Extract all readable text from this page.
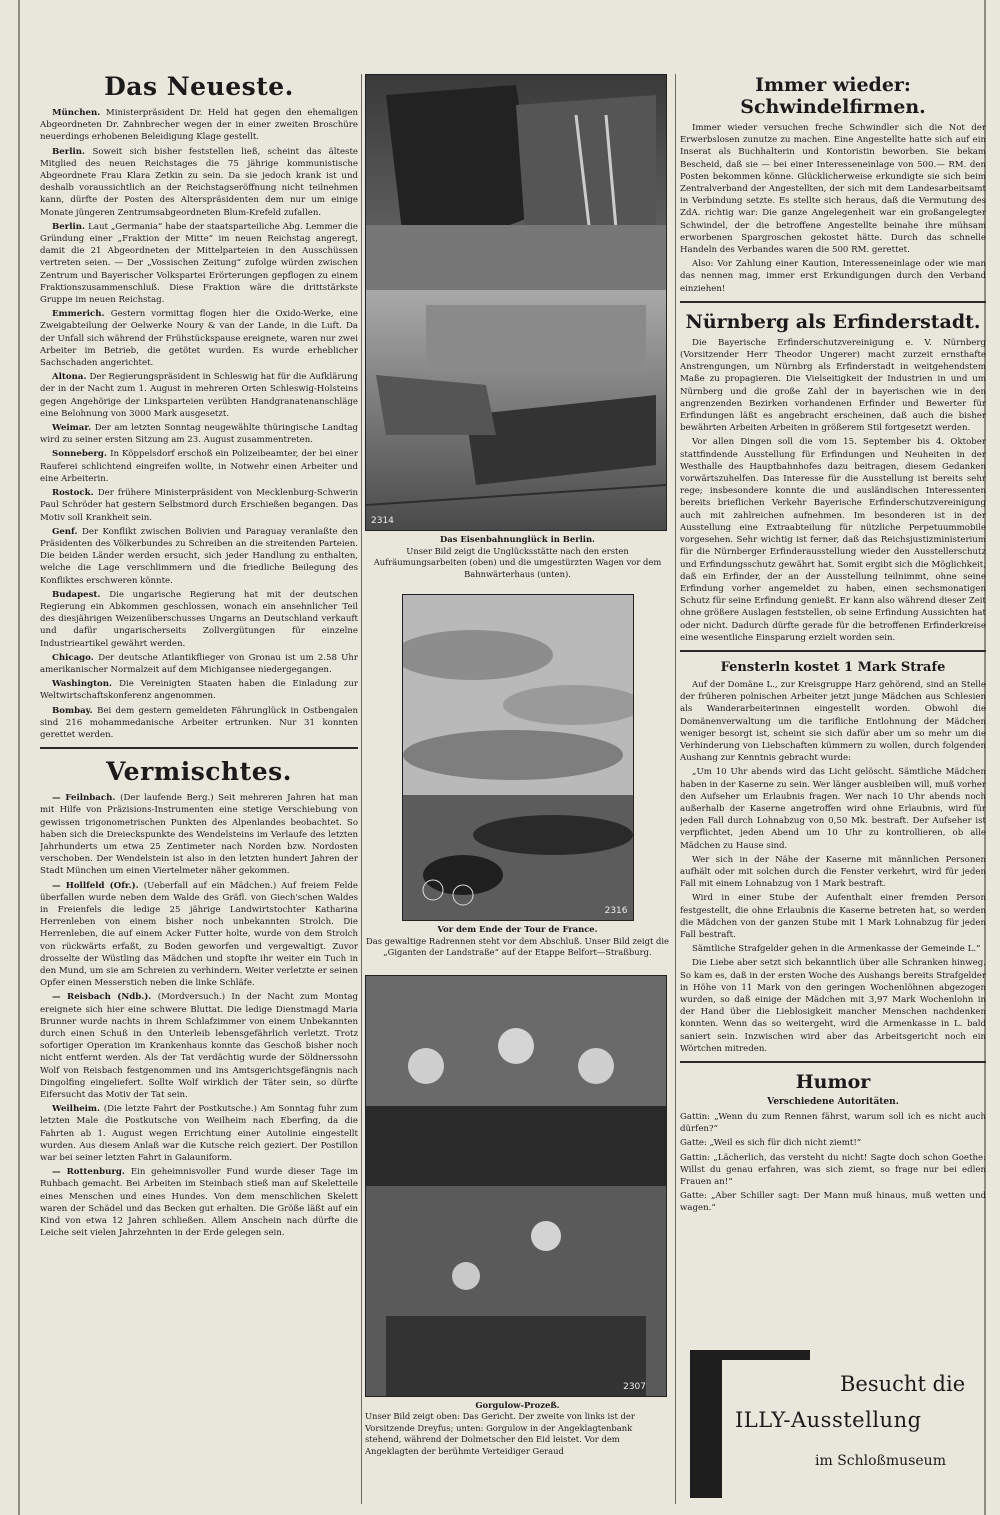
Das Neueste.

München. Ministerpräsident Dr. Held hat gegen den ehemaligen Abgeordneten Dr. Zahnbrecher wegen der in einer zweiten Broschüre neuerdings erhobenen Beleidigung Klage gestellt.

Berlin. Soweit sich bisher feststellen ließ, scheint das älteste Mitglied des neuen Reichstages die 75 jährige kommunistische Abgeordnete Frau Klara Zetkin zu sein. Da sie jedoch krank ist und deshalb voraussichtlich an der Reichstagseröffnung nicht teilnehmen kann, dürfte der Posten des Alterspräsidenten dem nur um einige Monate jüngeren Zentrumsabgeordneten Blum-Krefeld zufallen.

Berlin. Laut „Germania“ habe der staatsparteiliche Abg. Lemmer die Gründung einer „Fraktion der Mitte“ im neuen Reichstag angeregt, damit die 21 Abgeordneten der Mittelparteien in den Ausschüssen vertreten seien. — Der „Vossischen Zeitung“ zufolge würden zwischen Zentrum und Bayerischer Volkspartei Erörterungen gepflogen zu einem Fraktionszusammenschluß. Diese Fraktion wäre die drittstärkste Gruppe im neuen Reichstag.

Emmerich. Gestern vormittag flogen hier die Oxido-Werke, eine Zweigabteilung der Oelwerke Noury & van der Lande, in die Luft. Da der Unfall sich während der Frühstückspause ereignete, waren nur zwei Arbeiter im Betrieb, die getötet wurden. Es wurde erheblicher Sachschaden angerichtet.

Altona. Der Regierungspräsident in Schleswig hat für die Aufklärung der in der Nacht zum 1. August in mehreren Orten Schleswig-Holsteins gegen Angehörige der Linksparteien verübten Handgranatenanschläge eine Belohnung von 3000 Mark ausgesetzt.

Weimar. Der am letzten Sonntag neugewählte thüringische Landtag wird zu seiner ersten Sitzung am 23. August zusammentreten.

Sonneberg. In Köppelsdorf erschoß ein Polizeibeamter, der bei einer Rauferei schlichtend eingreifen wollte, in Notwehr einen Arbeiter und eine Arbeiterin.

Rostock. Der frühere Ministerpräsident von Mecklenburg-Schwerin Paul Schröder hat gestern Selbstmord durch Erschießen begangen. Das Motiv soll Krankheit sein.

Genf. Der Konflikt zwischen Bolivien und Paraguay veranlaßte den Präsidenten des Völkerbundes zu Schreiben an die streitenden Parteien. Die beiden Länder werden ersucht, sich jeder Handlung zu enthalten, welche die Lage verschlimmern und die friedliche Beilegung des Konfliktes erschweren könnte.

Budapest. Die ungarische Regierung hat mit der deutschen Regierung ein Abkommen geschlossen, wonach ein ansehnlicher Teil des diesjährigen Weizenüberschusses Ungarns an Deutschland verkauft und dafür ungarischerseits Zollvergütungen für einzelne Industrieartikel gewährt werden.

Chicago. Der deutsche Atlantikflieger von Gronau ist um 2.58 Uhr amerikanischer Normalzeit auf dem Michigansee niedergegangen.

Washington. Die Vereinigten Staaten haben die Einladung zur Weltwirtschaftskonferenz angenommen.

Bombay. Bei dem gestern gemeldeten Fährunglück in Ostbengalen sind 216 mohammedanische Arbeiter ertrunken. Nur 31 konnten gerettet werden.

Vermischtes.

— Feilnbach. (Der laufende Berg.) Seit mehreren Jahren hat man mit Hilfe von Präzisions-Instrumenten eine stetige Verschiebung von gewissen trigonometrischen Punkten des Alpenlandes beobachtet. So haben sich die Dreieckspunkte des Wendelsteins im Verlaufe des letzten Jahrhunderts um etwa 25 Zentimeter nach Norden bzw. Nordosten verschoben. Der Wendelstein ist also in den letzten hundert Jahren der Stadt München um einen Viertelmeter näher gekommen.

— Hollfeld (Ofr.). (Ueberfall auf ein Mädchen.) Auf freiem Felde überfallen wurde neben dem Walde des Gräfl. von Giech'schen Waldes in Freienfels die ledige 25 jährige Landwirtstochter Katharina Herrenleben von einem bisher noch unbekannten Strolch. Die Herrenleben, die auf einem Acker Futter holte, wurde von dem Strolch von rückwärts erfaßt, zu Boden geworfen und vergewaltigt. Zuvor drosselte der Wüstling das Mädchen und stopfte ihr weiter ein Tuch in den Mund, um sie am Schreien zu verhindern. Weiter verletzte er seinen Opfer einen Messerstich neben die linke Schläfe.

— Reisbach (Ndb.). (Mordversuch.) In der Nacht zum Montag ereignete sich hier eine schwere Bluttat. Die ledige Dienstmagd Maria Brunner wurde nachts in ihrem Schlafzimmer von einem Unbekannten durch einen Schuß in den Unterleib lebensgefährlich verletzt. Trotz sofortiger Operation im Krankenhaus konnte das Geschoß bisher noch nicht entfernt werden. Als der Tat verdächtig wurde der Söldnerssohn Wolf von Reisbach festgenommen und ins Amtsgerichtsgefängnis nach Dingolfing eingeliefert. Sollte Wolf wirklich der Täter sein, so dürfte Eifersucht das Motiv der Tat sein.

Weilheim. (Die letzte Fahrt der Postkutsche.) Am Sonntag fuhr zum letzten Male die Postkutsche von Weilheim nach Eberfing, da die Fahrten ab 1. August wegen Errichtung einer Autolinie eingestellt wurden. Aus diesem Anlaß war die Kutsche reich geziert. Der Postillon war bei seiner letzten Fahrt in Galauniform.

— Rottenburg. Ein geheimnisvoller Fund wurde dieser Tage im Ruhbach gemacht. Bei Arbeiten im Steinbach stieß man auf Skeletteile eines Menschen und eines Hundes. Von dem menschlichen Skelett waren der Schädel und das Becken gut erhalten. Die Größe läßt auf ein Kind von etwa 12 Jahren schließen. Allem Anschein nach dürfte die Leiche seit vielen Jahrzehnten in der Erde gelegen sein.

2314

Das Eisenbahnunglück in Berlin.
Unser Bild zeigt die Unglücksstätte nach den ersten Aufräumungsarbeiten (oben) und die umgestürzten Wagen vor dem Bahnwärterhaus (unten).

2316

Vor dem Ende der Tour de France.
Das gewaltige Radrennen steht vor dem Abschluß. Unser Bild zeigt die „Giganten der Landstraße“ auf der Etappe Belfort—Straßburg.

2307

Gorgulow-Prozeß.
Unser Bild zeigt oben: Das Gericht. Der zweite von links ist der Vorsitzende Dreyfus; unten: Gorgulow in der Angeklagtenbank stehend, während der Dolmetscher den Eid leistet. Vor dem Angeklagten der berühmte Verteidiger Geraud

Immer wieder: Schwindelfirmen.

Immer wieder versuchen freche Schwindler sich die Not der Erwerbslosen zunutze zu machen. Eine Angestellte hatte sich auf ein Inserat als Buchhalterin und Kontoristin beworben. Sie bekam Bescheid, daß sie — bei einer Interesseneinlage von 500.— RM. den Posten bekommen könne. Glücklicherweise erkundigte sie sich beim Zentralverband der Angestellten, der sich mit dem Landesarbeitsamt in Verbindung setzte. Es stellte sich heraus, daß die Vermutung des ZdA. richtig war: Die ganze Angelegenheit war ein großangelegter Schwindel, der die betroffene Angestellte beinahe ihre mühsam erworbenen Spargroschen gekostet hätte. Durch das schnelle Handeln des Verbandes waren die 500 RM. gerettet.

Also: Vor Zahlung einer Kaution, Interesseneinlage oder wie man das nennen mag, immer erst Erkundigungen durch den Verband einziehen!

Nürnberg als Erfinderstadt.

Die Bayerische Erfinderschutzvereinigung e. V. Nürnberg (Vorsitzender Herr Theodor Ungerer) macht zurzeit ernsthafte Anstrengungen, um Nürnbrg als Erfinderstadt in weitgehendstem Maße zu propagieren. Die Vielseitigkeit der Industrien in und um Nürnberg und die große Zahl der in bayerischen wie in den angrenzenden Bezirken vorhandenen Erfinder und Bewerter für Erfindungen läßt es angebracht erscheinen, daß auch die bisher bewährten Arbeiten Arbeiten in größerem Stil fortgesetzt werden.

Vor allen Dingen soll die vom 15. September bis 4. Oktober stattfindende Ausstellung für Erfindungen und Neuheiten in der Westhalle des Hauptbahnhofes dazu beitragen, diesem Gedanken vorwärtszuhelfen. Das Interesse für die Ausstellung ist bereits sehr rege; insbesondere konnte die und ausländischen Interessenten bereits brieflichen Verkehr Bayerische Erfinderschutzvereinigung auch mit zahlreichen aufnehmen. Im besonderen ist in der Ausstellung eine Extraabteilung für nützliche Perpetuummobile vorgesehen. Sehr wichtig ist ferner, daß das Reichsjustizministerium für die Nürnberger Erfinderausstellung wieder den Ausstellerschutz und Erfindungsschutz gewährt hat. Somit ergibt sich die Möglichkeit, daß ein Erfinder, der an der Ausstellung teilnimmt, ohne seine Erfindung vorher angemeldet zu haben, einen sechsmonatigen Schutz für seine Erfindung genießt. Er kann also während dieser Zeit ohne größere Auslagen feststellen, ob seine Erfindung Aussichten hat oder nicht. Dadurch dürfte gerade für die betroffenen Erfinderkreise eine wesentliche Einsparung erzielt worden sein.

Fensterln kostet 1 Mark Strafe

Auf der Domäne L., zur Kreisgruppe Harz gehörend, sind an Stelle der früheren polnischen Arbeiter jetzt junge Mädchen aus Schlesien als Wanderarbeiterinnen eingestellt worden. Obwohl die Domänenverwaltung um die tarifliche Entlohnung der Mädchen weniger besorgt ist, scheint sie sich dafür aber um so mehr um die Verhinderung von Liebschaften kümmern zu wollen, durch folgenden Aushang zur Kenntnis gebracht wurde:

„Um 10 Uhr abends wird das Licht gelöscht. Sämtliche Mädchen haben in der Kaserne zu sein. Wer länger ausbleiben will, muß vorher den Aufseher um Erlaubnis fragen. Wer nach 10 Uhr abends noch außerhalb der Kaserne angetroffen wird ohne Erlaubnis, wird für jeden Fall durch Lohnabzug von 0,50 Mk. bestraft. Der Aufseher ist verpflichtet, jeden Abend um 10 Uhr zu kontrollieren, ob alle Mädchen zu Hause sind.

Wer sich in der Nähe der Kaserne mit männlichen Personen aufhält oder mit solchen durch die Fenster verkehrt, wird für jeden Fall mit einem Lohnabzug von 1 Mark bestraft.

Wird in einer Stube der Aufenthalt einer fremden Person festgestellt, die ohne Erlaubnis die Kaserne betreten hat, so werden die Mädchen von der ganzen Stube mit 1 Mark Lohnabzug für jeden Fall bestraft.

Sämtliche Strafgelder gehen in die Armenkasse der Gemeinde L.“

Die Liebe aber setzt sich bekanntlich über alle Schranken hinweg. So kam es, daß in der ersten Woche des Aushangs bereits Strafgelder in Höhe von 11 Mark von den geringen Wochenlöhnen abgezogen wurden, so daß einige der Mädchen mit 3,97 Mark Wochenlohn in der Hand über die Lieblosigkeit mancher Menschen nachdenken konnten. Wenn das so weitergeht, wird die Armenkasse in L. bald saniert sein. Inzwischen wird aber das Arbeitsgericht noch ein Wörtchen mitreden.

Humor
Verschiedene Autoritäten.

Gattin: „Wenn du zum Rennen fährst, warum soll ich es nicht auch dürfen?“

Gatte: „Weil es sich für dich nicht ziemt!“

Gattin: „Lächerlich, das versteht du nicht! Sagte doch schon Goethe: Willst du genau erfahren, was sich ziemt, so frage nur bei edlen Frauen an!“

Gatte: „Aber Schiller sagt: Der Mann muß hinaus, muß wetten und wagen.“

Besucht die
ILLY-Ausstellung
im Schloßmuseum
